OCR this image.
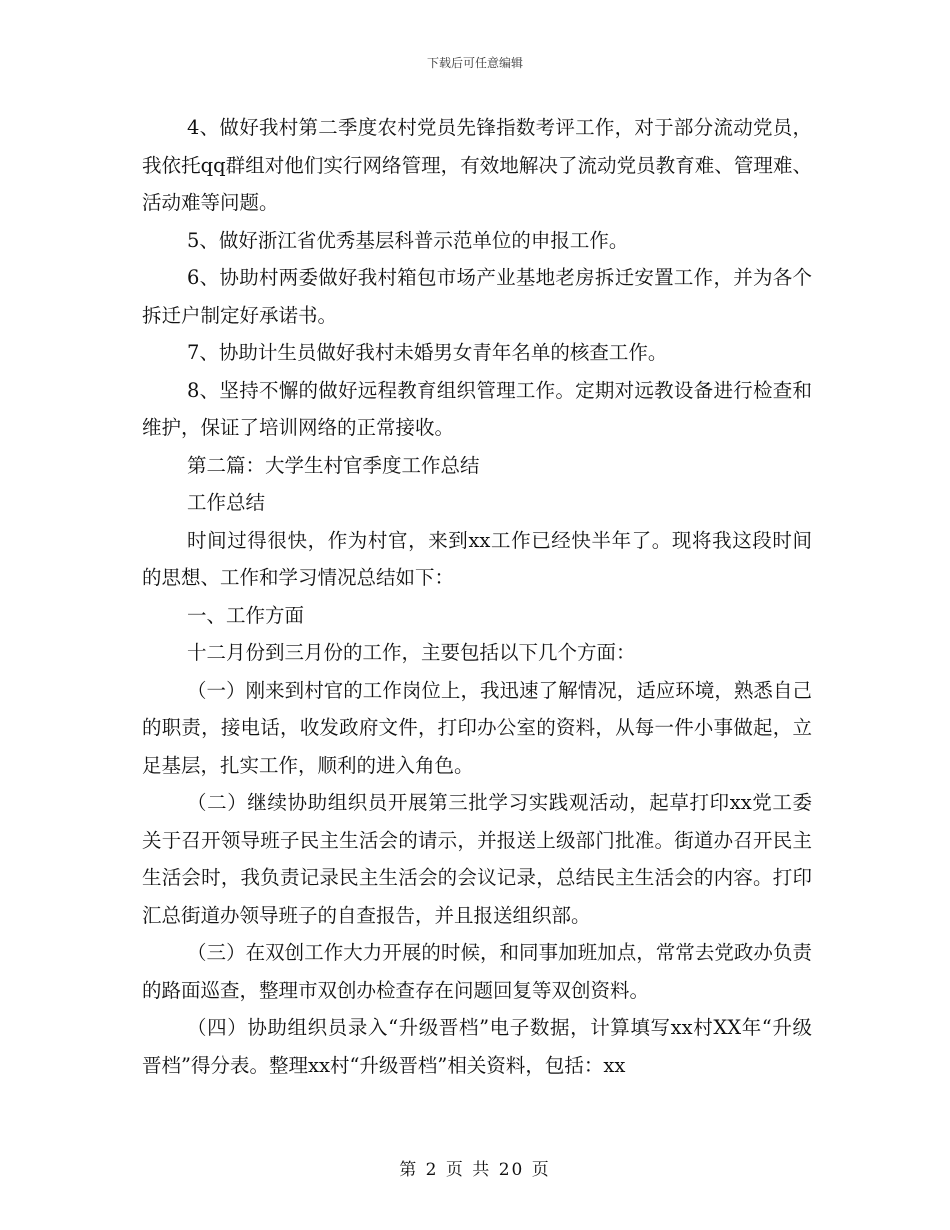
下载后可任意编辑

4、做好我村第二季度农村党员先锋指数考评工作，对于部分流动党员，我依托qq群组对他们实行网络管理，有效地解决了流动党员教育难、管理难、活动难等问题。

5、做好浙江省优秀基层科普示范单位的申报工作。

6、协助村两委做好我村箱包市场产业基地老房拆迁安置工作，并为各个拆迁户制定好承诺书。

7、协助计生员做好我村未婚男女青年名单的核查工作。

8、坚持不懈的做好远程教育组织管理工作。定期对远教设备进行检查和维护，保证了培训网络的正常接收。

第二篇：大学生村官季度工作总结

工作总结

时间过得很快，作为村官，来到xx工作已经快半年了。现将我这段时间的思想、工作和学习情况总结如下：

一、工作方面

十二月份到三月份的工作，主要包括以下几个方面：

（一）刚来到村官的工作岗位上，我迅速了解情况，适应环境，熟悉自己的职责，接电话，收发政府文件，打印办公室的资料，从每一件小事做起，立足基层，扎实工作，顺利的进入角色。

（二）继续协助组织员开展第三批学习实践观活动，起草打印xx党工委关于召开领导班子民主生活会的请示，并报送上级部门批准。街道办召开民主生活会时，我负责记录民主生活会的会议记录，总结民主生活会的内容。打印汇总街道办领导班子的自查报告，并且报送组织部。

（三）在双创工作大力开展的时候，和同事加班加点，常常去党政办负责的路面巡查，整理市双创办检查存在问题回复等双创资料。

（四）协助组织员录入“升级晋档”电子数据，计算填写xx村XX年“升级晋档”得分表。整理xx村“升级晋档”相关资料，包括：xx

第 2 页 共 20 页
